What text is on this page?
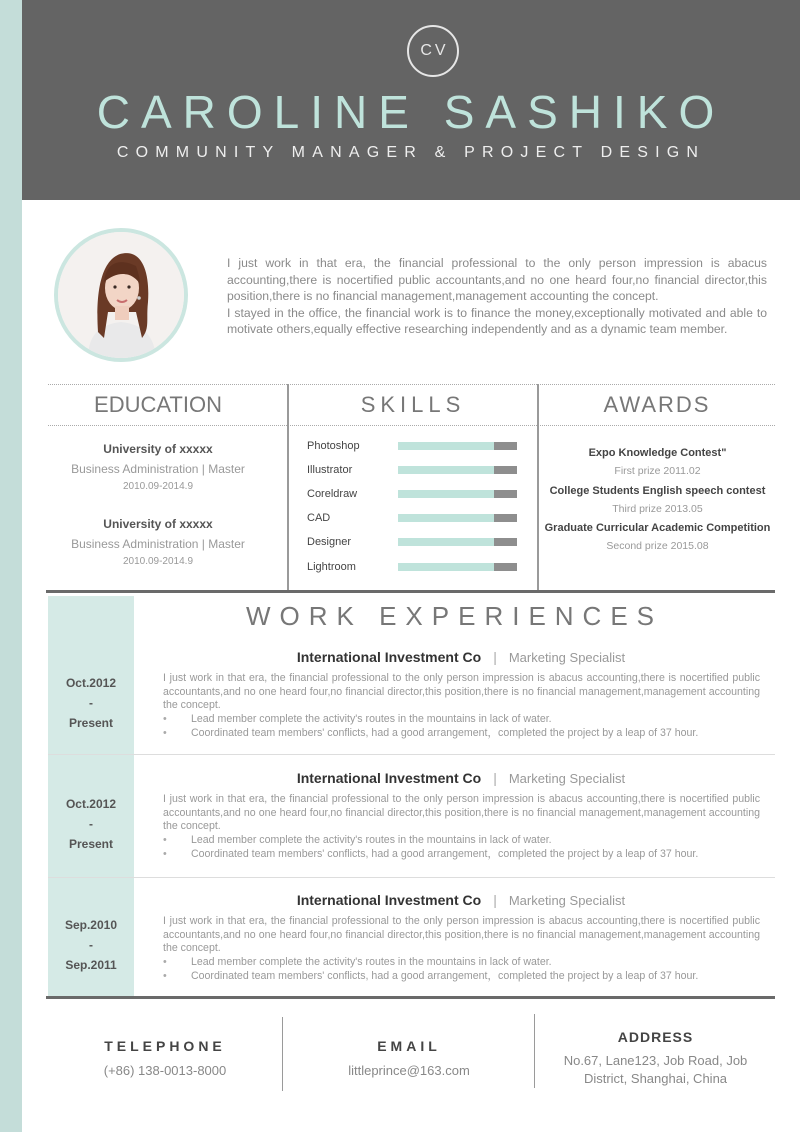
CV
CAROLINE SASHIKO
COMMUNITY MANAGER & PROJECT DESIGN

I just work in that era, the financial professional to the only person impression is abacus accounting,there is nocertified public accountants,and no one heard four,no financial director,this position,there is no financial management,management accounting the concept.

I stayed in the office, the financial work is to finance the money,exceptionally motivated and able to motivate others,equally effective researching independently and as a dynamic team member.

EDUCATION	SKILLS	AWARDS
University of xxxxx
Business Administration | Master
2010.09-2014.9
University of xxxxx
Business Administration | Master
2010.09-2014.9
Photoshop
Illustrator
Coreldraw
CAD
Designer
Lightroom
Expo Knowledge Contest"
First prize 2011.02
College Students English speech contest
Third prize 2013.05
Graduate Curricular Academic Competition
Second prize 2015.08
WORK EXPERIENCES
Oct.2012
-
Present
International Investment Co | Marketing Specialist
I just work in that era, the financial professional to the only person impression is abacus accounting,there is nocertified public accountants,and no one heard four,no financial director,this position,there is no financial management,management accounting the concept.
• Lead member complete the activity's routes in the mountains in lack of water.
• Coordinated team members' conflicts, had a good arrangement，completed the project by a leap of 37 hour.
Oct.2012
-
Present
International Investment Co | Marketing Specialist
I just work in that era, the financial professional to the only person impression is abacus accounting,there is nocertified public accountants,and no one heard four,no financial director,this position,there is no financial management,management accounting the concept.
• Lead member complete the activity's routes in the mountains in lack of water.
• Coordinated team members' conflicts, had a good arrangement，completed the project by a leap of 37 hour.
Sep.2010
-
Sep.2011
International Investment Co | Marketing Specialist
I just work in that era, the financial professional to the only person impression is abacus accounting,there is nocertified public accountants,and no one heard four,no financial director,this position,there is no financial management,management accounting the concept.
• Lead member complete the activity's routes in the mountains in lack of water.
• Coordinated team members' conflicts, had a good arrangement，completed the project by a leap of 37 hour.
TELEPHONE
(+86) 138-0013-8000
EMAIL
littleprince@163.com
ADDRESS
No.67, Lane123, Job Road, Job
District, Shanghai, China
